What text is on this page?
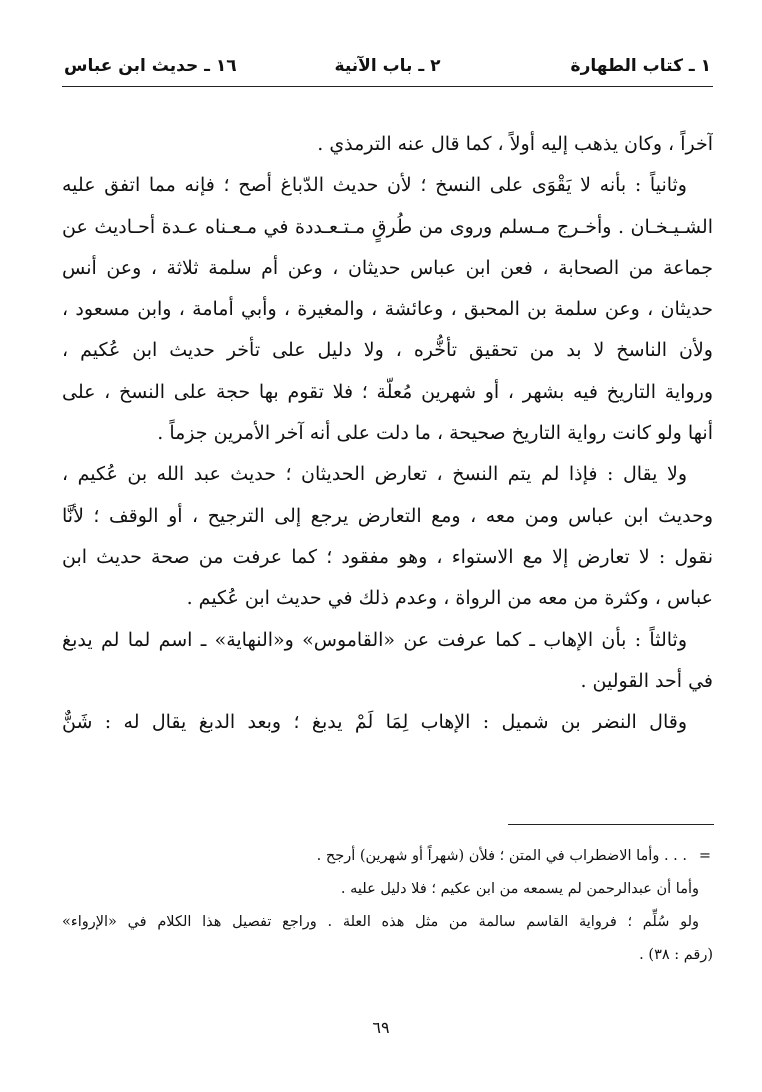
١ ـ كتاب الطهارة
٢ ـ باب الآنية
١٦ ـ حديث ابن عباس
آخراً ، وكان يذهب إليه أولاً ، كما قال عنه الترمذي .
وثانياً : بأنه لا يَقْوَى على النسخ ؛ لأن حديث الدّباغ أصح ؛ فإنه مما اتفق عليه
الشـيـخـان . وأخـرج مـسلم وروى من طُرقٍ مـتـعـددة في مـعـناه عـدة أحـاديث عن
جماعة من الصحابة ، فعن ابن عباس حديثان ، وعن أم سلمة ثلاثة ، وعن أنس
حديثان ، وعن سلمة بن المحبق ، وعائشة ، والمغيرة ، وأبي أمامة ، وابن مسعود ،
ولأن الناسخ لا بد من تحقيق تأخُّره ، ولا دليل على تأخر حديث ابن عُكيم ،
ورواية التاريخ فيه بشهر ، أو شهرين مُعلّة ؛ فلا تقوم بها حجة على النسخ ، على
أنها ولو كانت رواية التاريخ صحيحة ، ما دلت على أنه آخر الأمرين جزماً .
ولا يقال : فإذا لم يتم النسخ ، تعارض الحديثان ؛ حديث عبد الله بن عُكيم ،
وحديث ابن عباس ومن معه ، ومع التعارض يرجع إلى الترجيح ، أو الوقف ؛ لأنَّا
نقول : لا تعارض إلا مع الاستواء ، وهو مفقود ؛ كما عرفت من صحة حديث ابن
عباس ، وكثرة من معه من الرواة ، وعدم ذلك في حديث ابن عُكيم .
وثالثاً : بأن الإهاب ـ كما عرفت عن «القاموس» و«النهاية» ـ اسم لما لم يدبغ
في أحد القولين .
وقال النضر بن شميل : الإهاب لِمَا لَمْ يدبغ ؛ وبعد الدبغ يقال له : شَنٌّ
=
. . . وأما الاضطراب في المتن ؛ فلأن (شهراً أو شهرين) أرجح .
وأما أن عبدالرحمن لم يسمعه من ابن عكيم ؛ فلا دليل عليه .
ولو سُلِّم ؛ فرواية القاسم سالمة من مثل هذه العلة . وراجع تفصيل هذا الكلام في «الإرواء»
(رقم : ٣٨) .
٦٩
